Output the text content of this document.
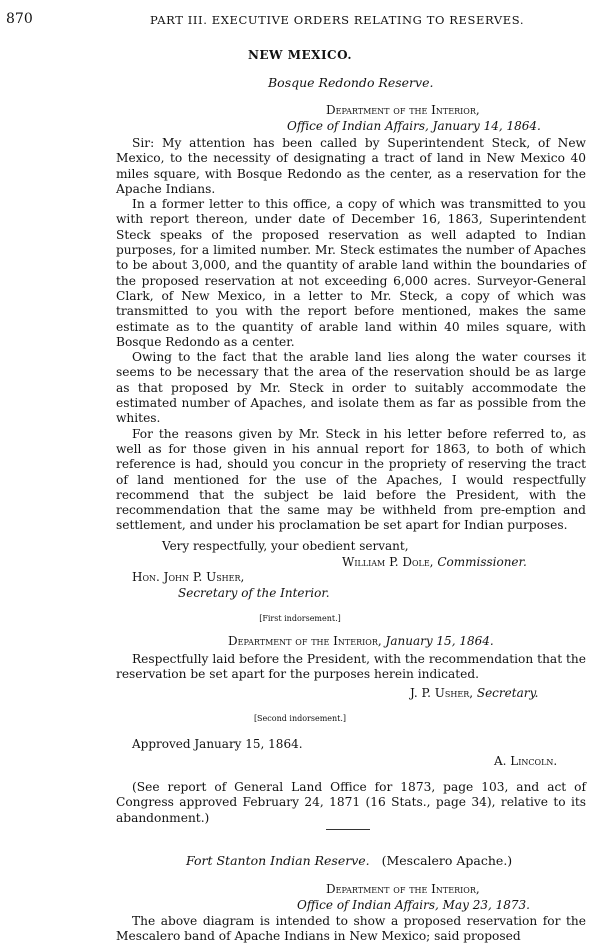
870	PART III. EXECUTIVE ORDERS RELATING TO RESERVES.
NEW MEXICO.
Bosque Redondo Reserve.
Department of the Interior,
Office of Indian Affairs, January 14, 1864.

Sir: My attention has been called by Superintendent Steck, of New Mexico, to the necessity of designating a tract of land in New Mexico 40 miles square, with Bosque Redondo as the center, as a reservation for the Apache Indians.

In a former letter to this office, a copy of which was transmitted to you with report thereon, under date of December 16, 1863, Superintendent Steck speaks of the proposed reservation as well adapted to Indian purposes, for a limited number. Mr. Steck estimates the number of Apaches to be about 3,000, and the quantity of arable land within the boundaries of the proposed reservation at not exceeding 6,000 acres. Surveyor-General Clark, of New Mexico, in a letter to Mr. Steck, a copy of which was transmitted to you with the report before mentioned, makes the same estimate as to the quantity of arable land within 40 miles square, with Bosque Redondo as a center.

Owing to the fact that the arable land lies along the water courses it seems to be necessary that the area of the reservation should be as large as that proposed by Mr. Steck in order to suitably accommodate the estimated number of Apaches, and isolate them as far as possible from the whites.

For the reasons given by Mr. Steck in his letter before referred to, as well as for those given in his annual report for 1863, to both of which reference is had, should you concur in the propriety of reserving the tract of land mentioned for the use of the Apaches, I would respectfully recommend that the subject be laid before the President, with the recommendation that the same may be withheld from pre-emption and settlement, and under his proclamation be set apart for Indian purposes.

Very respectfully, your obedient servant,
William P. Dole, Commissioner.
Hon. John P. Usher,
Secretary of the Interior.
[First indorsement.]
Department of the Interior, January 15, 1864.

Respectfully laid before the President, with the recommendation that the reservation be set apart for the purposes herein indicated.

J. P. Usher, Secretary.
[Second indorsement.]
Approved January 15, 1864.
A. Lincoln.

(See report of General Land Office for 1873, page 103, and act of Congress approved February 24, 1871 (16 Stats., page 34), relative to its abandonment.)

Fort Stanton Indian Reserve. (Mescalero Apache.)
Department of the Interior,
Office of Indian Affairs, May 23, 1873.

The above diagram is intended to show a proposed reservation for the Mescalero band of Apache Indians in New Mexico; said proposed
